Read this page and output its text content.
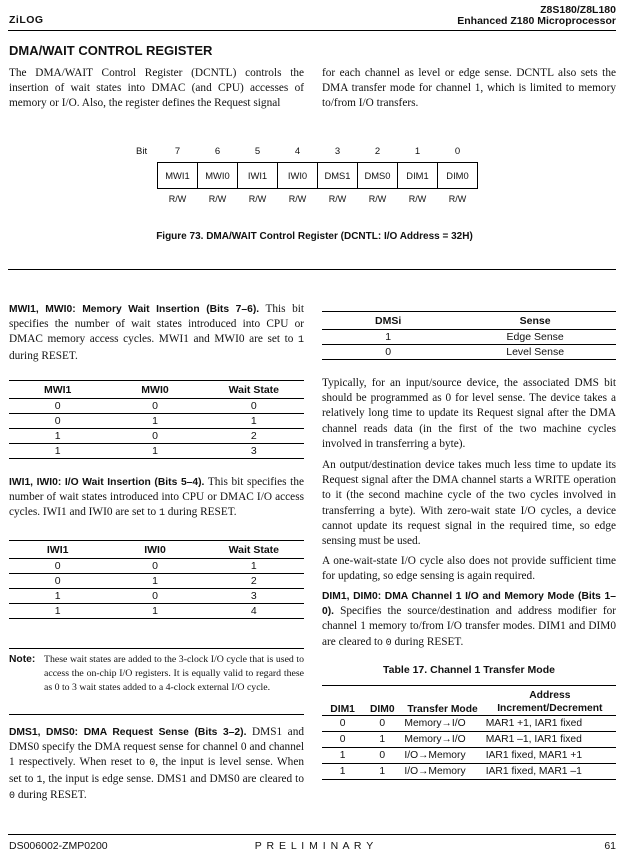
ZiLOG
Z8S180/Z8L180
Enhanced Z180 Microprocessor
DMA/WAIT CONTROL REGISTER
The DMA/WAIT Control Register (DCNTL) controls the insertion of wait states into DMAC (and CPU) accesses of memory or I/O. Also, the register defines the Request signal
for each channel as level or edge sense. DCNTL also sets the DMA transfer mode for channel 1, which is limited to memory to/from I/O transfers.
Bit	7	6	5	4	3	2	1	0

MWI1	MWI0	IWI1	IWI0	DMS1	DMS0	DIM1	DIM0

R/W	R/W	R/W	R/W	R/W	R/W	R/W	R/W
Figure 73. DMA/WAIT Control Register (DCNTL: I/O Address = 32H)
MWI1, MWI0: Memory Wait Insertion (Bits 7–6). This bit specifies the number of wait states introduced into CPU or DMAC memory access cycles. MWI1 and MWI0 are set to 1 during RESET.
MWI1	MWI0	Wait State
0	0	0
0	1	1
1	0	2
1	1	3
IWI1, IWI0: I/O Wait Insertion (Bits 5–4). This bit specifies the number of wait states introduced into CPU or DMAC I/O access cycles. IWI1 and IWI0 are set to 1 during RESET.
IWI1	IWI0	Wait State
0	0	1
0	1	2
1	0	3
1	1	4
Note: These wait states are added to the 3-clock I/O cycle that is used to access the on-chip I/O registers. It is equally valid to regard these as 0 to 3 wait states added to a 4-clock external I/O cycle.
DMS1, DMS0: DMA Request Sense (Bits 3–2). DMS1 and DMS0 specify the DMA request sense for channel 0 and channel 1 respectively. When reset to 0, the input is level sense. When set to 1, the input is edge sense. DMS1 and DMS0 are cleared to 0 during RESET.
DMSi	Sense
1	Edge Sense
0	Level Sense
Typically, for an input/source device, the associated DMS bit should be programmed as 0 for level sense. The device takes a relatively long time to update its Request signal after the DMA channel reads data (in the first of the two machine cycles involved in transferring a byte).
An output/destination device takes much less time to update its Request signal after the DMA channel starts a WRITE operation to it (the second machine cycle of the two cycles involved in transferring a byte). With zero-wait state I/O cycles, a device cannot update its request signal in the required time, so edge sensing must be used.
A one-wait-state I/O cycle also does not provide sufficient time for updating, so edge sensing is again required.
DIM1, DIM0: DMA Channel 1 I/O and Memory Mode (Bits 1–0). Specifies the source/destination and address modifier for channel 1 memory to/from I/O transfer modes. DIM1 and DIM0 are cleared to 0 during RESET.
Table 17. Channel 1 Transfer Mode
DIM1	DIM0	Transfer Mode	Address
Increment/Decrement

0	0	Memory→I/O	MAR1 +1, IAR1 fixed
0	1	Memory→I/O	MAR1 –1, IAR1 fixed
1	0	I/O→Memory	IAR1 fixed, MAR1 +1
1	1	I/O→Memory	IAR1 fixed, MAR1 –1
DS006002-ZMP0200	P R E L I M I N A R Y	61
